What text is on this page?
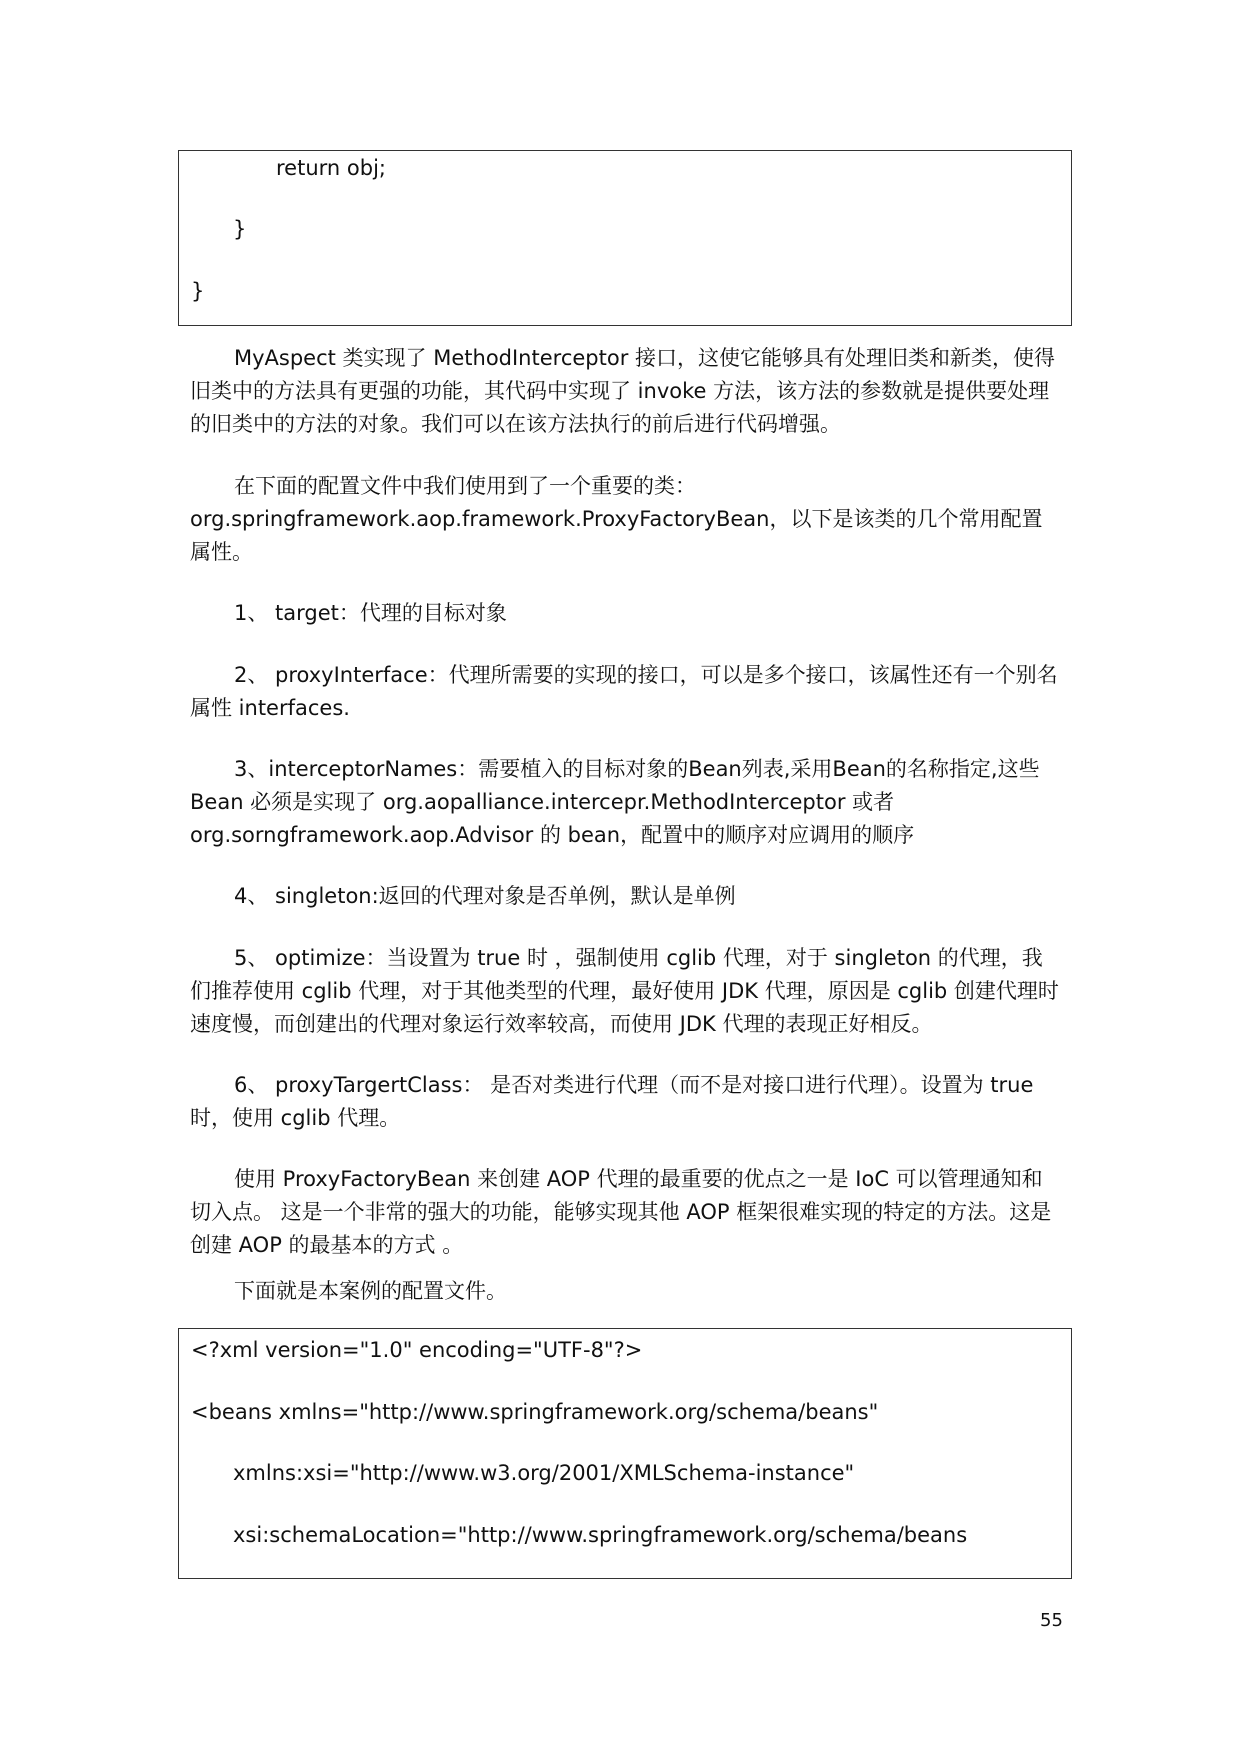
return obj;
}
}

MyAspect 类实现了 MethodInterceptor 接口，这使它能够具有处理旧类和新类，使得旧类中的方法具有更强的功能，其代码中实现了 invoke 方法，该方法的参数就是提供要处理的旧类中的方法的对象。我们可以在该方法执行的前后进行代码增强。

在下面的配置文件中我们使用到了一个重要的类：org.springframework.aop.framework.ProxyFactoryBean，以下是该类的几个常用配置属性。

1、 target：代理的目标对象

2、 proxyInterface：代理所需要的实现的接口，可以是多个接口，该属性还有一个别名属性 interfaces.

3、interceptorNames：需要植入的目标对象的Bean列表,采用Bean的名称指定,这些 Bean 必须是实现了 org.aopalliance.intercepr.MethodInterceptor 或者 org.sorngframework.aop.Advisor 的 bean，配置中的顺序对应调用的顺序

4、 singleton:返回的代理对象是否单例，默认是单例

5、 optimize：当设置为 true 时 ，强制使用 cglib 代理，对于 singleton 的代理，我们推荐使用 cglib 代理，对于其他类型的代理，最好使用 JDK 代理，原因是 cglib 创建代理时速度慢，而创建出的代理对象运行效率较高，而使用 JDK 代理的表现正好相反。

6、 proxyTargertClass： 是否对类进行代理（而不是对接口进行代理）。设置为 true 时，使用 cglib 代理。

使用 ProxyFactoryBean 来创建 AOP 代理的最重要的优点之一是 IoC 可以管理通知和切入点。 这是一个非常的强大的功能，能够实现其他 AOP 框架很难实现的特定的方法。这是创建 AOP 的最基本的方式 。

下面就是本案例的配置文件。

<?xml version="1.0" encoding="UTF-8"?>
<beans xmlns="http://www.springframework.org/schema/beans"
xmlns:xsi="http://www.w3.org/2001/XMLSchema-instance"
xsi:schemaLocation="http://www.springframework.org/schema/beans
55
